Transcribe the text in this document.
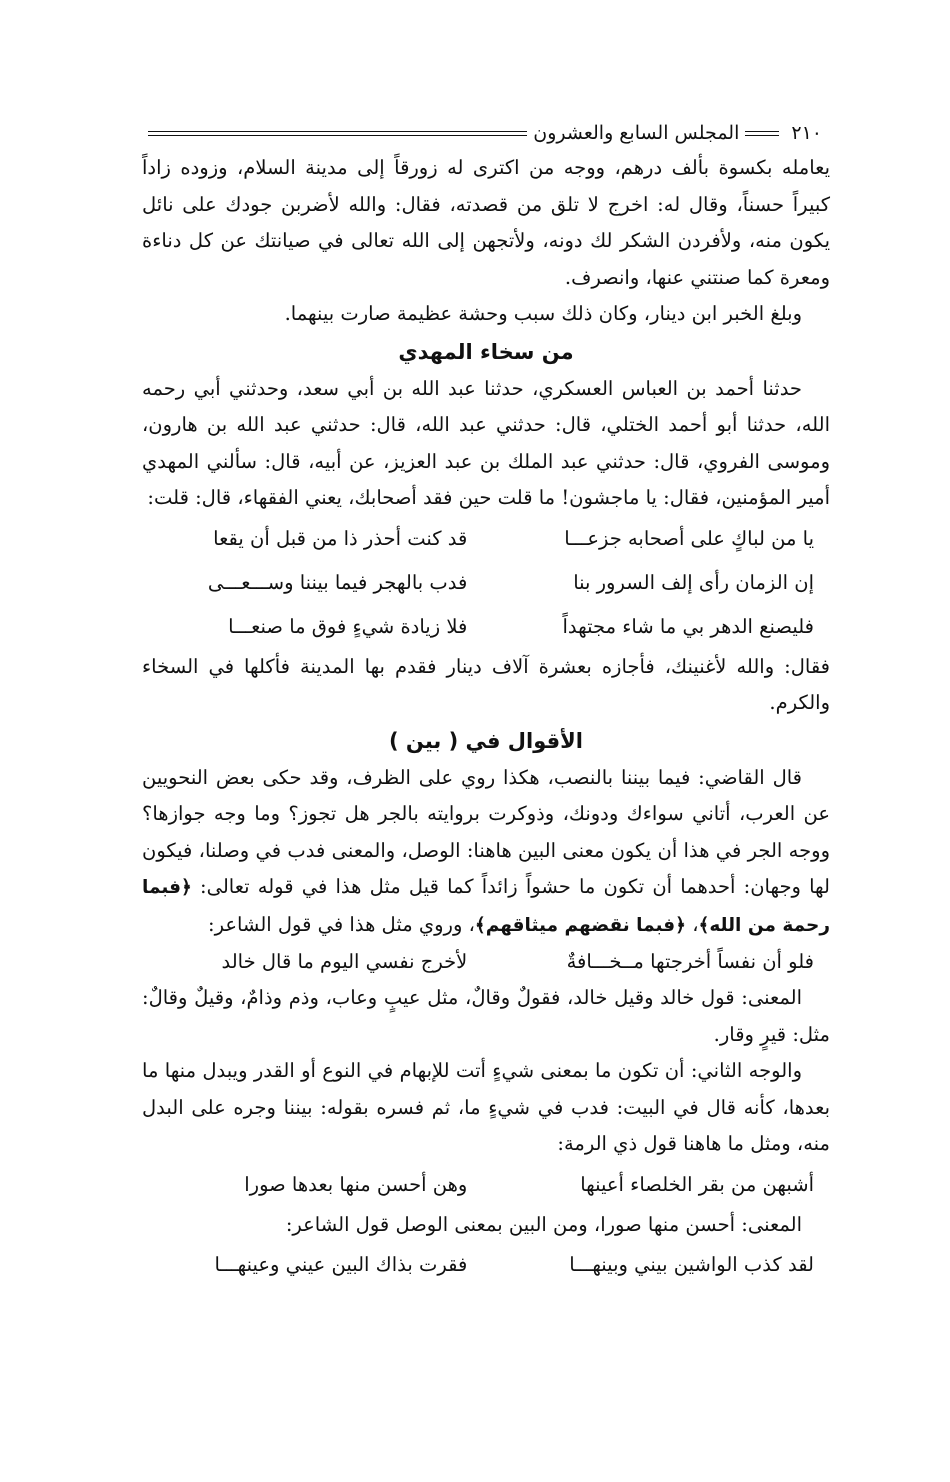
٢١٠
المجلس السابع والعشرون

يعامله بكسوة بألف درهم، ووجه من اكترى له زورقاً إلى مدينة السلام، وزوده زاداً كبيراً حسناً، وقال له: اخرج لا تلق من قصدته، فقال: والله لأضربن جودك على نائل يكون منه، ولأفردن الشكر لك دونه، ولأتجهن إلى الله تعالى في صيانتك عن كل دناءة ومعرة كما صنتني عنها، وانصرف.

وبلغ الخبر ابن دينار، وكان ذلك سبب وحشة عظيمة صارت بينهما.

من سخاء المهدي

حدثنا أحمد بن العباس العسكري، حدثنا عبد الله بن أبي سعد، وحدثني أبي رحمه الله، حدثنا أبو أحمد الختلي، قال: حدثني عبد الله، قال: حدثني عبد الله بن هارون، وموسى الفروي، قال: حدثني عبد الملك بن عبد العزيز، عن أبيه، قال: سألني المهدي أمير المؤمنين، فقال: يا ماجشون! ما قلت حين فقد أصحابك، يعني الفقهاء، قال: قلت:

يا من لباكٍ على أصحابه جزعـــا
قد كنت أحذر ذا من قبل أن يقعا
إن الزمان رأى إلف السرور بنا
فدب بالهجر فيما بيننا وســـعـــى
فليصنع الدهر بي ما شاء مجتهداً
فلا زيادة شيءٍ فوق ما صنعـــا

فقال: والله لأغنينك، فأجازه بعشرة آلاف دينار فقدم بها المدينة فأكلها في السخاء والكرم.

الأقوال في ( بين )

قال القاضي: فيما بيننا بالنصب، هكذا روي على الظرف، وقد حكى بعض النحويين عن العرب، أتاني سواءك ودونك، وذوكرت بروايته بالجر هل تجوز؟ وما وجه جوازها؟ ووجه الجر في هذا أن يكون معنى البين هاهنا: الوصل، والمعنى فدب في وصلنا، فيكون لها وجهان: أحدهما أن تكون ما حشواً زائداً كما قيل مثل هذا في قوله تعالى: ﴿فبما رحمة من الله﴾، ﴿فبما نقضهم ميثاقهم﴾، وروي مثل هذا في قول الشاعر:

فلو أن نفساً أخرجتها مــخـــافةٌ
لأخرج نفسي اليوم ما قال خالد

المعنى: قول خالد وقيل خالد، فقولٌ وقالٌ، مثل عيبٍ وعاب، وذم وذامٌ، وقيلٌ وقالٌ: مثل: قيرٍ وقار.

والوجه الثاني: أن تكون ما بمعنى شيءٍ أتت للإبهام في النوع أو القدر ويبدل منها ما بعدها، كأنه قال في البيت: فدب في شيءٍ ما، ثم فسره بقوله: بيننا وجره على البدل منه، ومثل ما هاهنا قول ذي الرمة:

أشبهن من بقر الخلصاء أعينها
وهن أحسن منها بعدها صورا

المعنى: أحسن منها صورا، ومن البين بمعنى الوصل قول الشاعر:

لقد كذب الواشين بيني وبينهـــا
فقرت بذاك البين عيني وعينهـــا
